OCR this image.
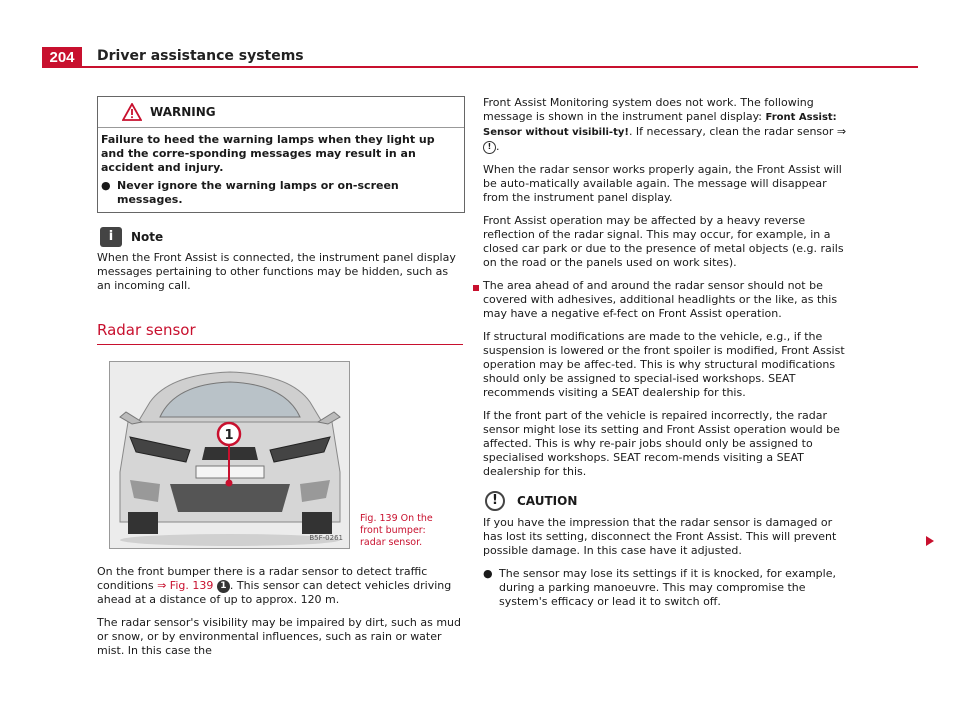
204	Driver assistance systems
WARNING

Failure to heed the warning lamps when they light up and the corre-sponding messages may result in an accident and injury.

● Never ignore the warning lamps or on-screen messages.
i	Note
When the Front Assist is connected, the instrument panel display messages pertaining to other functions may be hidden, such as an incoming call.
Radar sensor
1
B5F-0261
Fig. 139 On the front bumper: radar sensor.

On the front bumper there is a radar sensor to detect traffic conditions ⇒ Fig. 139 1 . This sensor can detect vehicles driving ahead at a distance of up to approx. 120 m.

The radar sensor's visibility may be impaired by dirt, such as mud or snow, or by environmental influences, such as rain or water mist. In this case the

Front Assist Monitoring system does not work. The following message is shown in the instrument panel display: Front Assist: Sensor without visibili-ty!. If necessary, clean the radar sensor ⇒ ! .

When the radar sensor works properly again, the Front Assist will be auto-matically available again. The message will disappear from the instrument panel display.

Front Assist operation may be affected by a heavy reverse reflection of the radar signal. This may occur, for example, in a closed car park or due to the presence of metal objects (e.g. rails on the road or the panels used on work sites).

The area ahead of and around the radar sensor should not be covered with adhesives, additional headlights or the like, as this may have a negative ef-fect on Front Assist operation.

If structural modifications are made to the vehicle, e.g., if the suspension is lowered or the front spoiler is modified, Front Assist operation may be affec-ted. This is why structural modifications should only be assigned to special-ised workshops. SEAT recommends visiting a SEAT dealership for this.

If the front part of the vehicle is repaired incorrectly, the radar sensor might lose its setting and Front Assist operation would be affected. This is why re-pair jobs should only be assigned to specialised workshops. SEAT recom-mends visiting a SEAT dealership for this.

!	CAUTION

If you have the impression that the radar sensor is damaged or has lost its setting, disconnect the Front Assist. This will prevent possible damage. In this case have it adjusted.

● The sensor may lose its settings if it is knocked, for example, during a parking manoeuvre. This may compromise the system's efficacy or lead it to switch off.
